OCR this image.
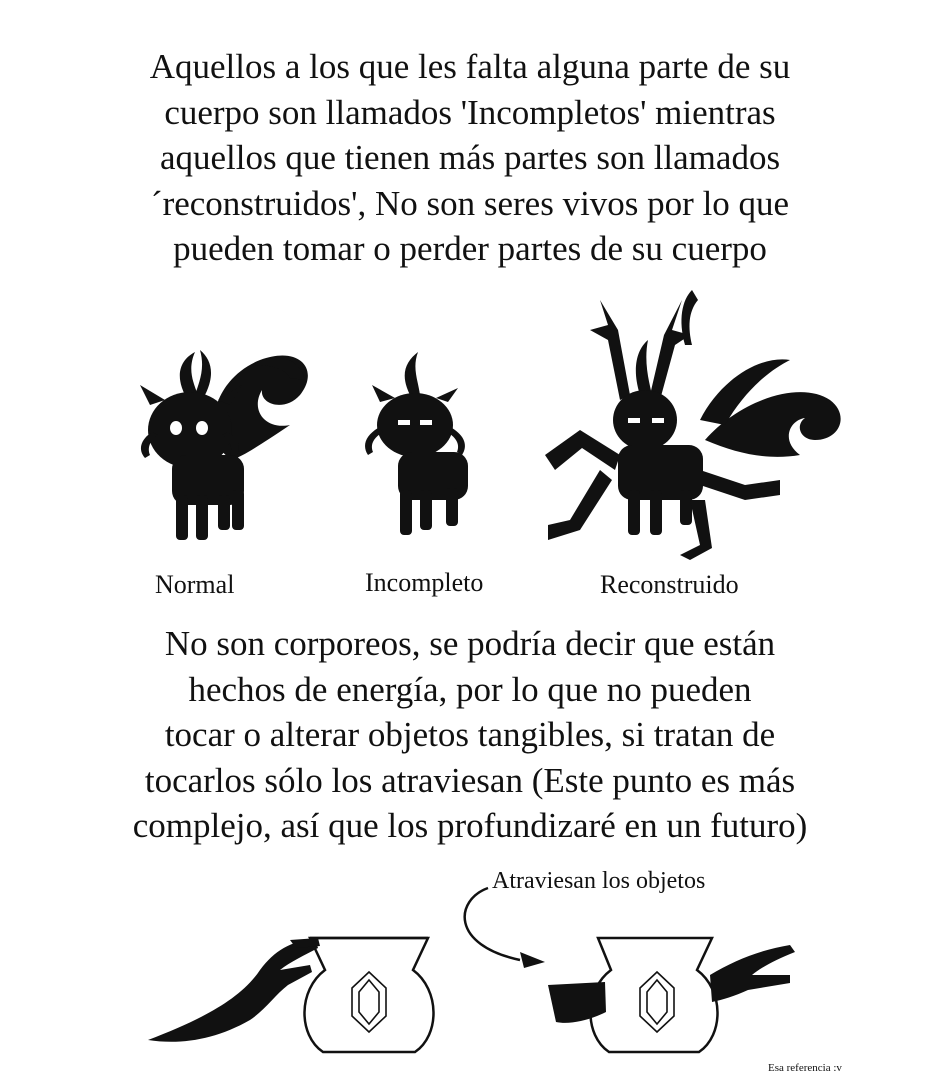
Aquellos a los que les falta alguna parte de su
cuerpo son llamados 'Incompletos' mientras
aquellos que tienen más partes son llamados
´reconstruidos', No son seres vivos por lo que
pueden tomar o perder partes de su cuerpo
Normal	Incompleto	Reconstruido
No son corporeos, se podría decir que están
hechos de energía, por lo que no pueden
tocar o alterar objetos tangibles, si tratan de
tocarlos sólo los atraviesan (Este punto es más
complejo, así que los profundizaré en un futuro)
Atraviesan los objetos
Esa referencia :v
